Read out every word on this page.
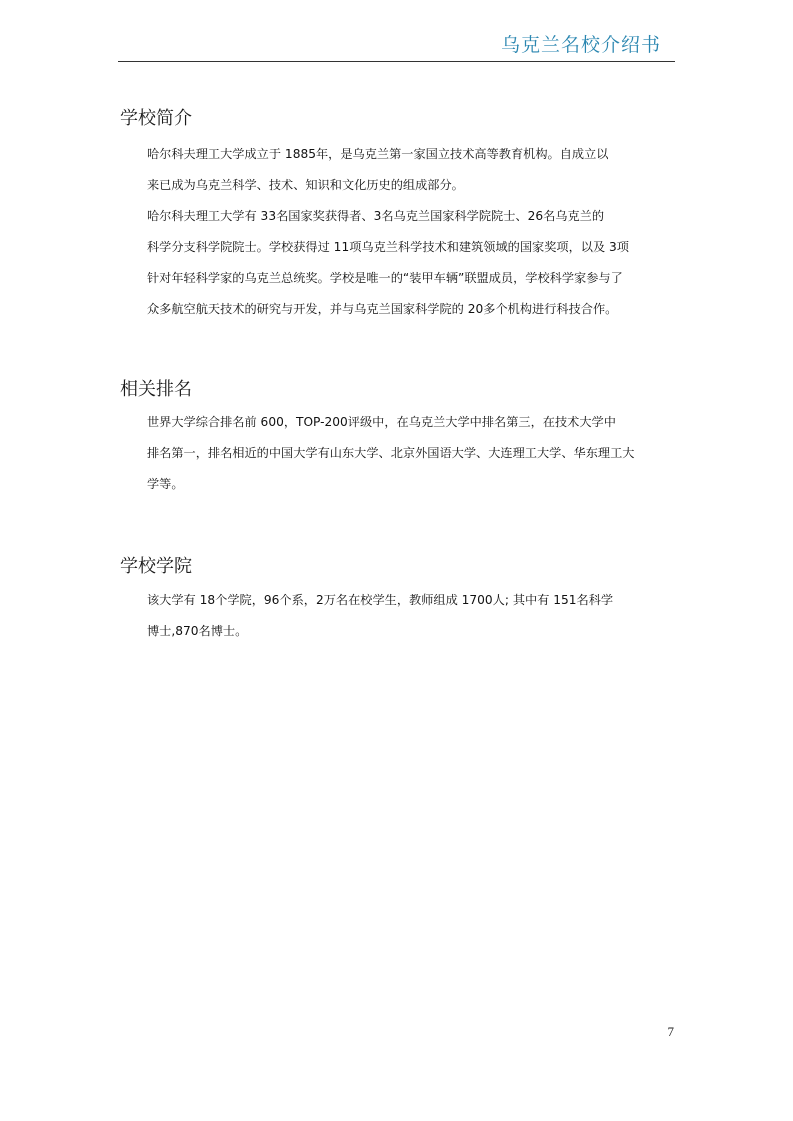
乌克兰名校介绍书
学校简介
哈尔科夫理工大学成立于 1885年，是乌克兰第一家国立技术高等教育机构。自成立以
来已成为乌克兰科学、技术、知识和文化历史的组成部分。
哈尔科夫理工大学有 33名国家奖获得者、3名乌克兰国家科学院院士、26名乌克兰的
科学分支科学院院士。学校获得过 11项乌克兰科学技术和建筑领域的国家奖项，以及 3项
针对年轻科学家的乌克兰总统奖。学校是唯一的“装甲车辆”联盟成员，学校科学家参与了
众多航空航天技术的研究与开发，并与乌克兰国家科学院的 20多个机构进行科技合作。
相关排名
世界大学综合排名前 600，TOP-200评级中，在乌克兰大学中排名第三，在技术大学中
排名第一，排名相近的中国大学有山东大学、北京外国语大学、大连理工大学、华东理工大
学等。
学校学院
该大学有 18个学院，96个系，2万名在校学生，教师组成 1700人; 其中有 151名科学
博士,870名博士。
7
